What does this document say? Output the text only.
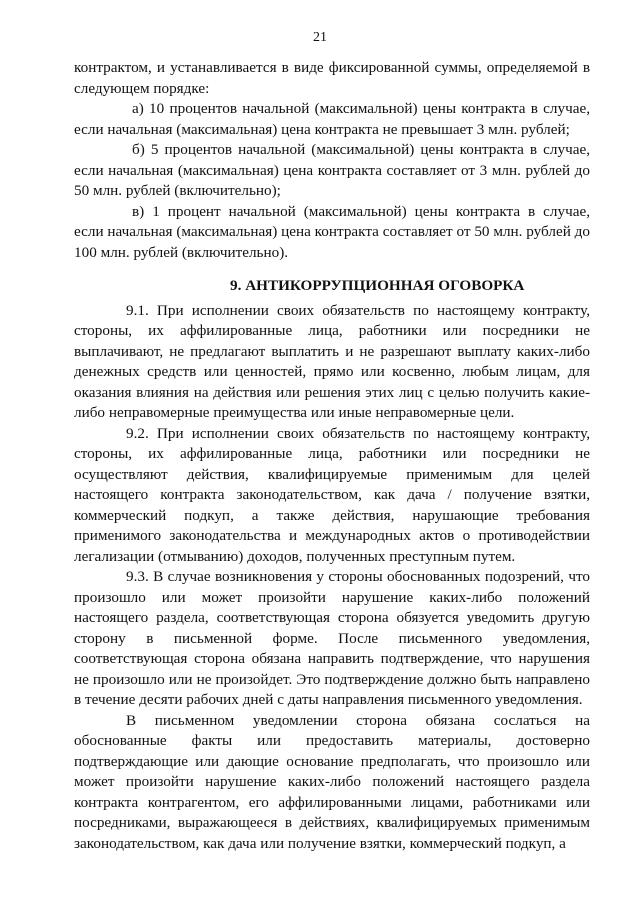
21

контрактом, и устанавливается в виде фиксированной суммы, определяемой в следующем порядке:

а) 10 процентов начальной (максимальной) цены контракта в случае, если начальная (максимальная) цена контракта не превышает 3 млн. рублей;

б) 5 процентов начальной (максимальной) цены контракта в случае, если начальная (максимальная) цена контракта составляет от 3 млн. рублей до 50 млн. рублей (включительно);

в) 1 процент начальной (максимальной) цены контракта в случае, если начальная (максимальная) цена контракта составляет от 50 млн. рублей до 100 млн. рублей (включительно).

9. АНТИКОРРУПЦИОННАЯ ОГОВОРКА

9.1. При исполнении своих обязательств по настоящему контракту, стороны, их аффилированные лица, работники или посредники не выплачивают, не предлагают выплатить и не разрешают выплату каких-либо денежных средств или ценностей, прямо или косвенно, любым лицам, для оказания влияния на действия или решения этих лиц с целью получить какие-либо неправомерные преимущества или иные неправомерные цели.

9.2. При исполнении своих обязательств по настоящему контракту, стороны, их аффилированные лица, работники или посредники не осуществляют действия, квалифицируемые применимым для целей настоящего контракта законодательством, как дача / получение взятки, коммерческий подкуп, а также действия, нарушающие требования применимого законодательства и международных актов о противодействии легализации (отмыванию) доходов, полученных преступным путем.

9.3. В случае возникновения у стороны обоснованных подозрений, что произошло или может произойти нарушение каких-либо положений настоящего раздела, соответствующая сторона обязуется уведомить другую сторону в письменной форме. После письменного уведомления, соответствующая сторона обязана направить подтверждение, что нарушения не произошло или не произойдет. Это подтверждение должно быть направлено в течение десяти рабочих дней с даты направления письменного уведомления.

В письменном уведомлении сторона обязана сослаться на обоснованные факты или предоставить материалы, достоверно подтверждающие или дающие основание предполагать, что произошло или может произойти нарушение каких-либо положений настоящего раздела контракта контрагентом, его аффилированными лицами, работниками или посредниками, выражающееся в действиях, квалифицируемых применимым законодательством, как дача или получение взятки, коммерческий подкуп, а
